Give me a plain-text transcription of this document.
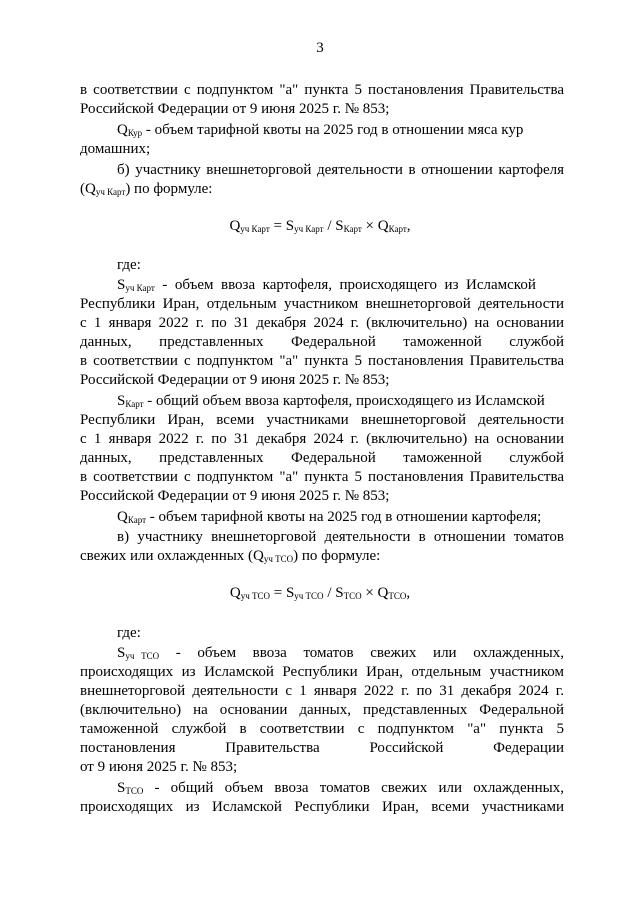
3
в соответствии с подпунктом "а" пункта 5 постановления Правительства
Российской Федерации от 9 июня 2025 г. № 853;
$Q_{Кур}$ - объем тарифной квоты на 2025 год в отношении мяса кур
домашних;
б) участнику внешнеторговой деятельности в отношении картофеля
$(Q_{уч Карт})$ по формуле:
$Q_{уч Карт} = S_{уч Карт} / S_{Карт} \times Q_{Карт}$,
где:
$S_{уч Карт}$  -  объем  ввоза  картофеля,  происходящего  из  Исламской
Республики Иран, отдельным участником внешнеторговой деятельности
с 1 января 2022 г. по 31 декабря 2024 г. (включительно) на основании
данных, представленных Федеральной таможенной службой
в соответствии с подпунктом "а" пункта 5 постановления Правительства
Российской Федерации от 9 июня 2025 г. № 853;
$S_{Карт}$ - общий объем ввоза картофеля, происходящего из Исламской
Республики Иран, всеми участниками внешнеторговой деятельности
с 1 января 2022 г. по 31 декабря 2024 г. (включительно) на основании
данных, представленных Федеральной таможенной службой
в соответствии с подпунктом "а" пункта 5 постановления Правительства
Российской Федерации от 9 июня 2025 г. № 853;
$Q_{Карт}$ - объем тарифной квоты на 2025 год в отношении картофеля;
в) участнику внешнеторговой деятельности в отношении томатов
свежих или охлажденных $(Q_{уч ТСО})$ по формуле:
$Q_{уч ТСО} = S_{уч ТСО} / S_{ТСО} \times Q_{ТСО}$,
где:
$S_{уч ТСО}$  -  объем  ввоза  томатов  свежих  или  охлажденных,
происходящих из Исламской Республики Иран, отдельным участником
внешнеторговой деятельности с 1 января 2022 г. по 31 декабря 2024 г.
(включительно) на основании данных, представленных Федеральной
таможенной службой в соответствии с подпунктом "а" пункта 5
постановления Правительства Российской Федерации
от 9 июня 2025 г. № 853;
$S_{ТСО}$ - общий объем ввоза томатов свежих или охлажденных,
происходящих из Исламской Республики Иран, всеми участниками
